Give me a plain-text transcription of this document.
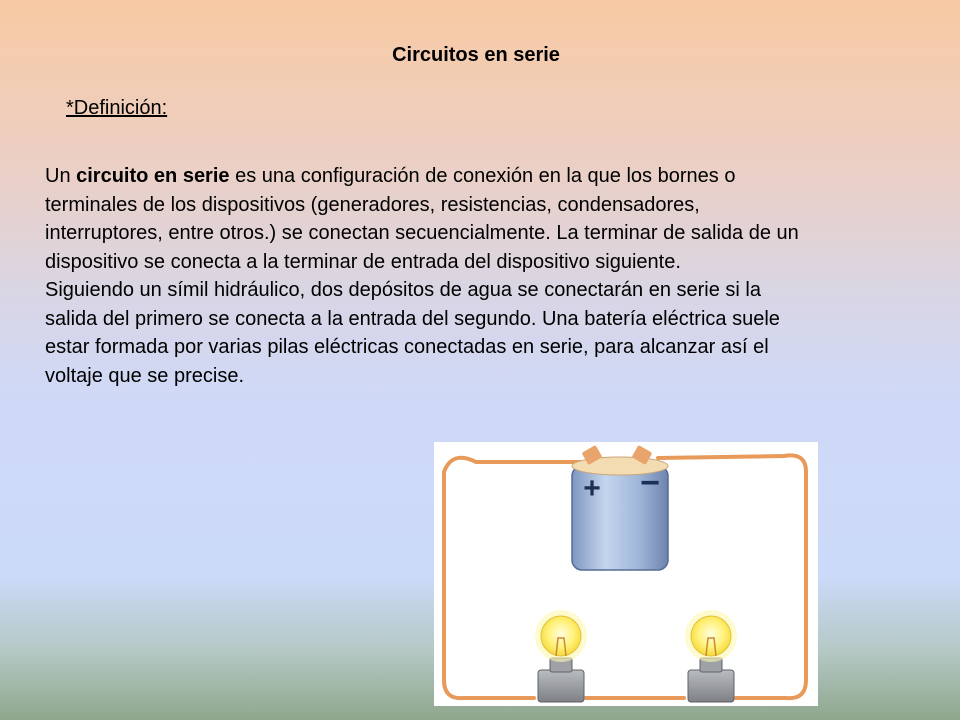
Circuitos en serie
*Definición:

Un circuito en serie es una configuración de conexión en la que los bornes o terminales de los dispositivos (generadores, resistencias, condensadores, interruptores, entre otros.) se conectan secuencialmente. La terminar de salida de un dispositivo se conecta a la terminar de entrada del dispositivo siguiente.

Siguiendo un símil hidráulico, dos depósitos de agua se conectarán en serie si la salida del primero se conecta a la entrada del segundo. Una batería eléctrica suele estar formada por varias pilas eléctricas conectadas en serie, para alcanzar así el voltaje que se precise.

+ −
